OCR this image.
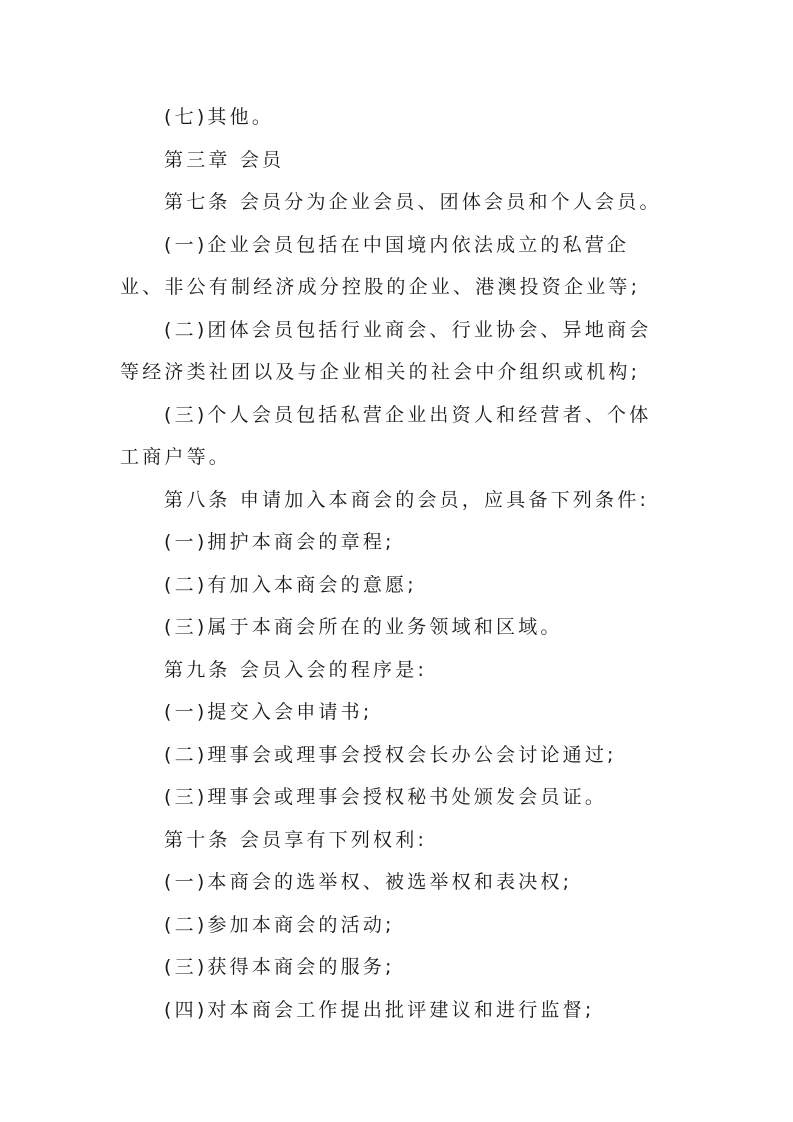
(七)其他。

第三章 会员

第七条 会员分为企业会员、团体会员和个人会员。

(一)企业会员包括在中国境内依法成立的私营企业、非公有制经济成分控股的企业、港澳投资企业等;

(二)团体会员包括行业商会、行业协会、异地商会等经济类社团以及与企业相关的社会中介组织或机构;

(三)个人会员包括私营企业出资人和经营者、个体工商户等。

第八条 申请加入本商会的会员，应具备下列条件:

(一)拥护本商会的章程;

(二)有加入本商会的意愿;

(三)属于本商会所在的业务领域和区域。

第九条 会员入会的程序是:

(一)提交入会申请书;

(二)理事会或理事会授权会长办公会讨论通过;

(三)理事会或理事会授权秘书处颁发会员证。

第十条 会员享有下列权利:

(一)本商会的选举权、被选举权和表决权;

(二)参加本商会的活动;

(三)获得本商会的服务;

(四)对本商会工作提出批评建议和进行监督;
